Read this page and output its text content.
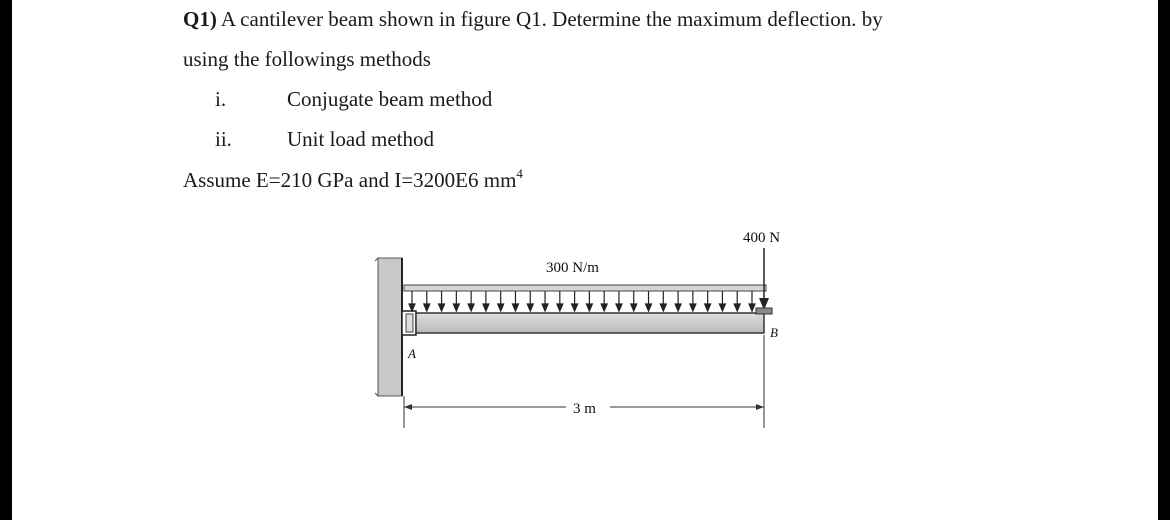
Q1) A cantilever beam shown in figure Q1. Determine the maximum deflection. by
using the followings methods
i.	Conjugate beam method
ii.	Unit load method
Assume E=210 GPa and I=3200E6 $mm^4$
400 N
300 N/m
A
B
3 m
